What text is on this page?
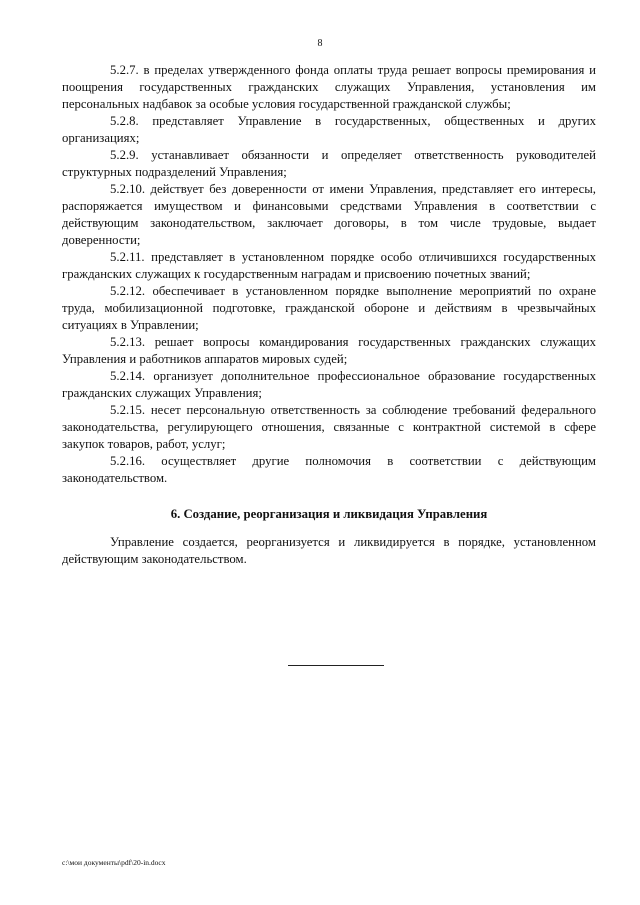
8

5.2.7. в пределах утвержденного фонда оплаты труда решает вопросы премирования и поощрения государственных гражданских служащих Управления, установления им персональных надбавок за особые условия государственной гражданской службы;

5.2.8. представляет Управление в государственных, общественных и других организациях;

5.2.9. устанавливает обязанности и определяет ответственность руководителей структурных подразделений Управления;

5.2.10. действует без доверенности от имени Управления, представляет его интересы, распоряжается имуществом и финансовыми средствами Управления в соответствии с действующим законодательством, заключает договоры, в том числе трудовые, выдает доверенности;

5.2.11. представляет в установленном порядке особо отличившихся государственных гражданских служащих к государственным наградам и присвоению почетных званий;

5.2.12. обеспечивает в установленном порядке выполнение мероприятий по охране труда, мобилизационной подготовке, гражданской обороне и действиям в чрезвычайных ситуациях в Управлении;

5.2.13. решает вопросы командирования государственных гражданских служащих Управления и работников аппаратов мировых судей;

5.2.14. организует дополнительное профессиональное образование государственных гражданских служащих Управления;

5.2.15. несет персональную ответственность за соблюдение требований федерального законодательства, регулирующего отношения, связанные с контрактной системой в сфере закупок товаров, работ, услуг;

5.2.16. осуществляет другие полномочия в соответствии с действующим законодательством.

6. Создание, реорганизация и ликвидация Управления

Управление создается, реорганизуется и ликвидируется в порядке, установленном действующим законодательством.

c:\мои документы\pdf\20-in.docx
